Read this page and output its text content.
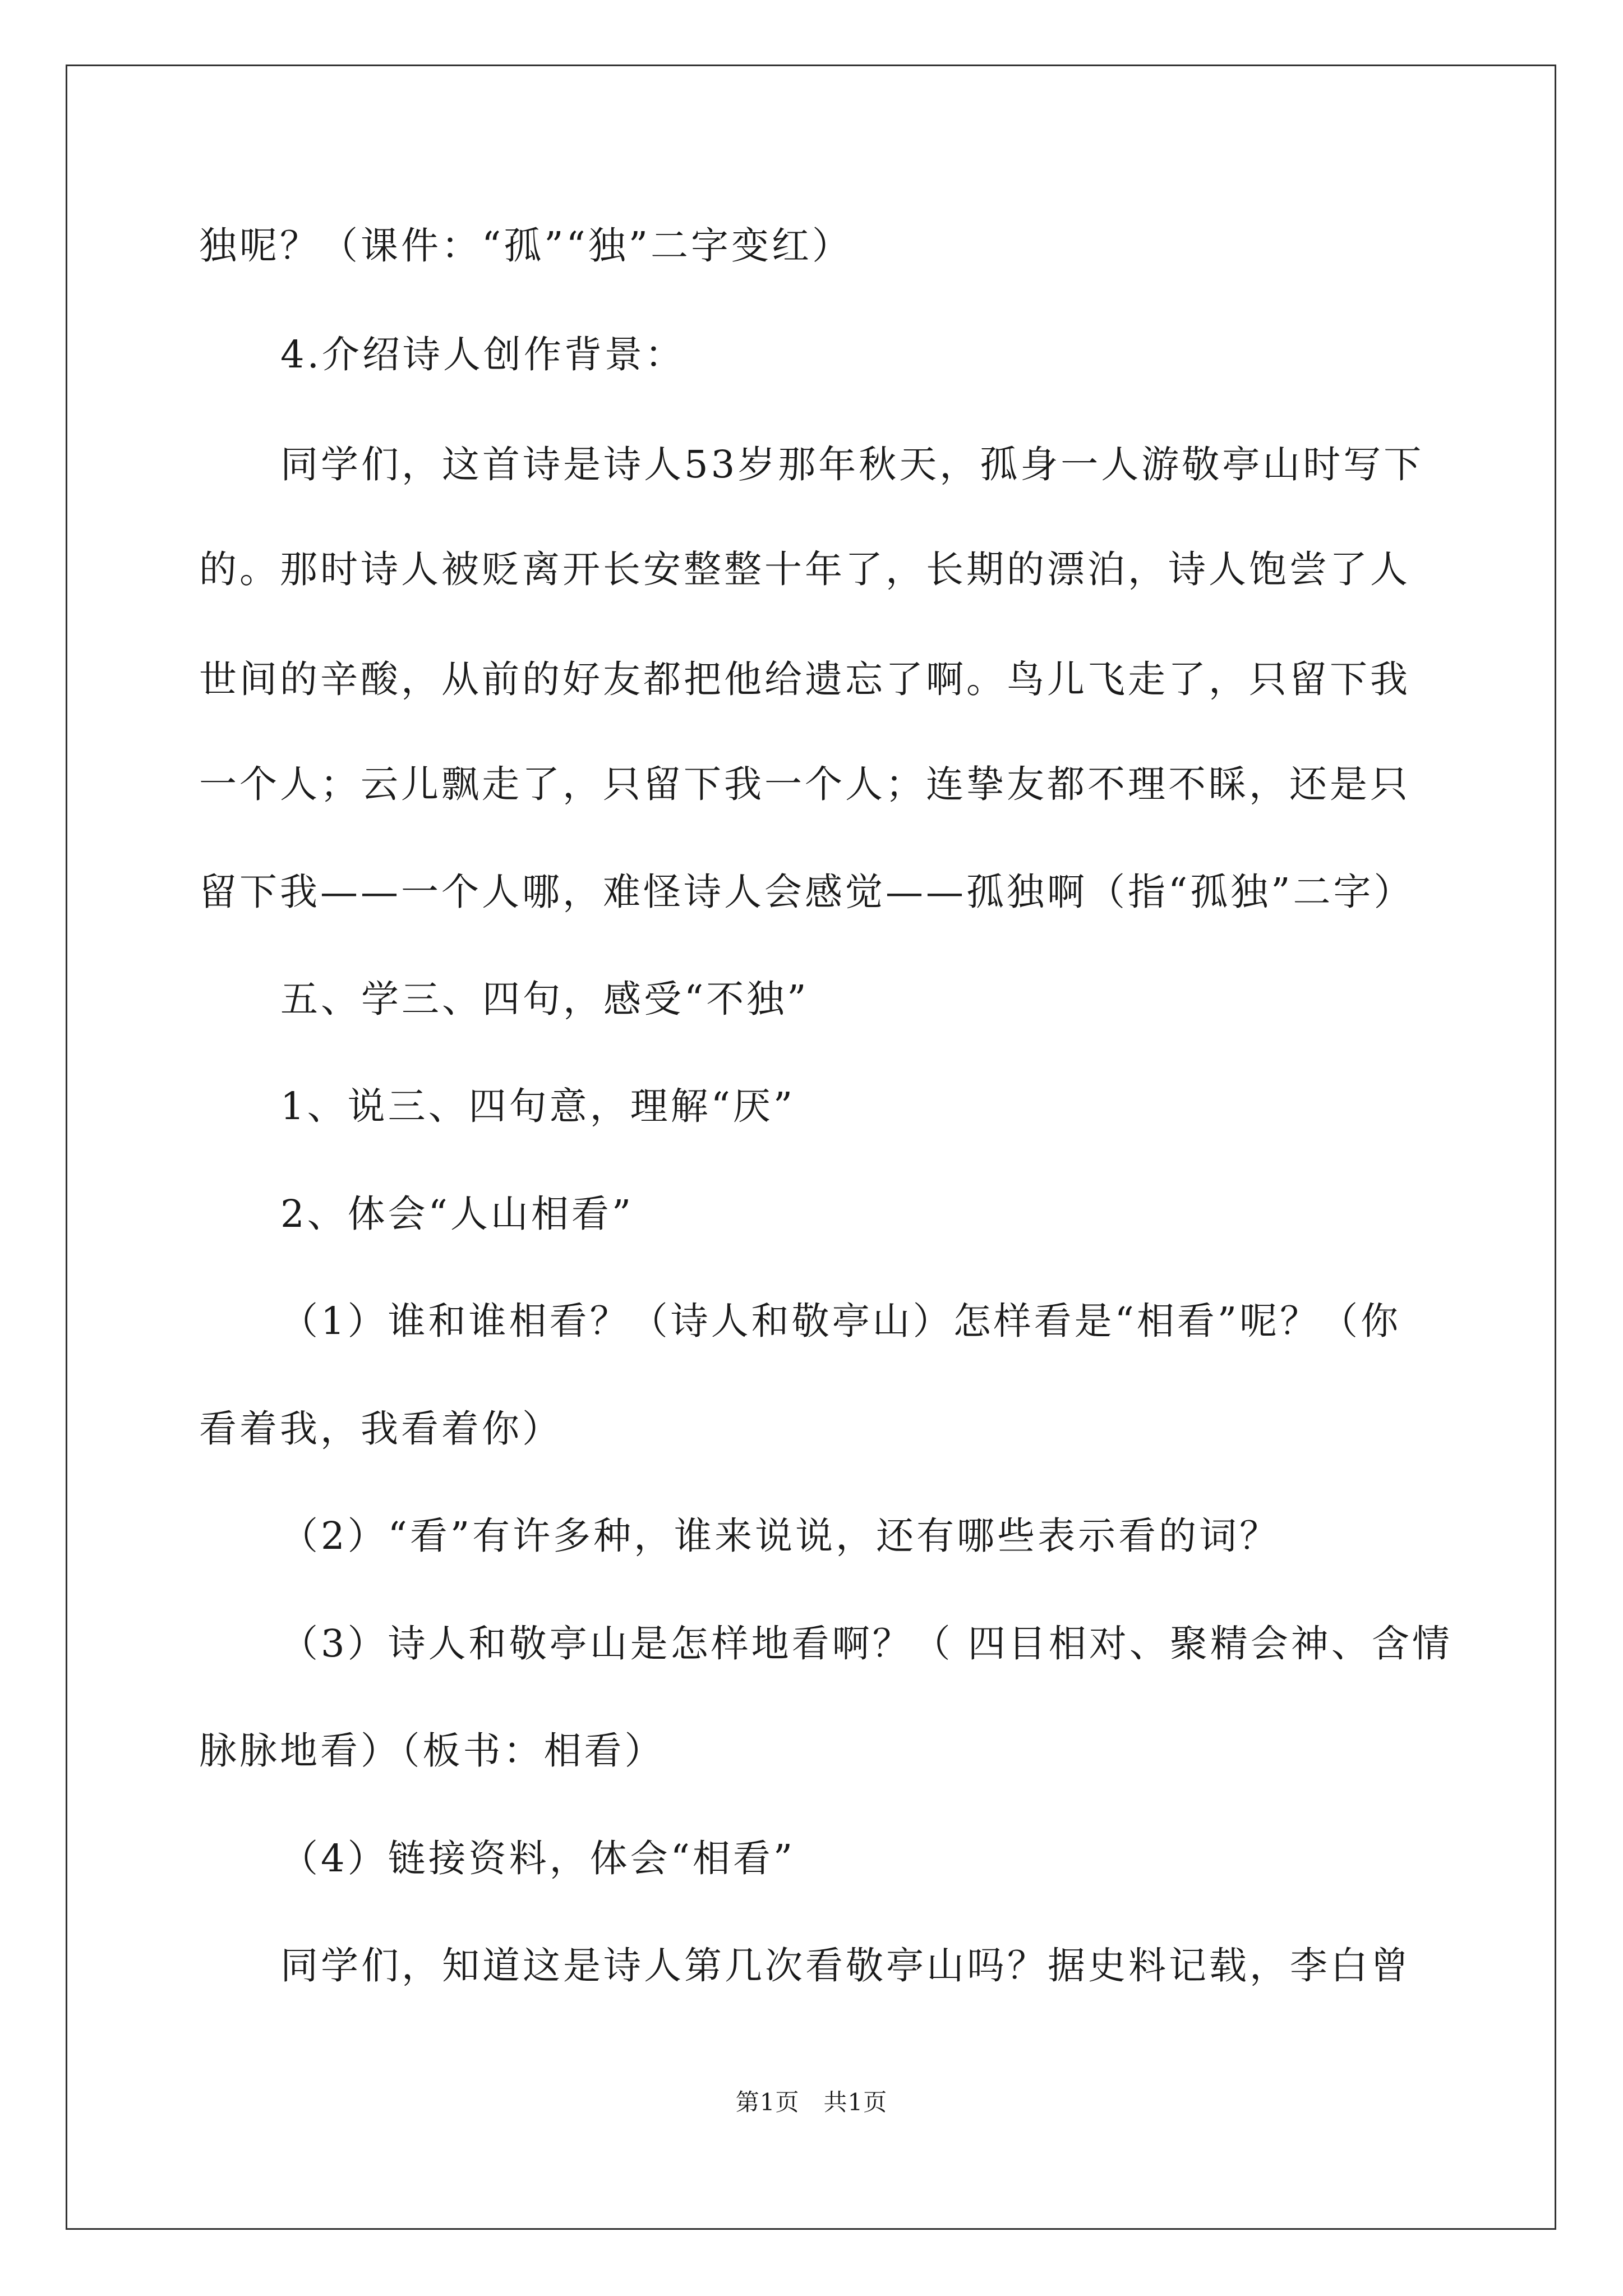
独呢？（课件：“孤”“独”二字变红）
4.介绍诗人创作背景：
同学们，这首诗是诗人53岁那年秋天，孤身一人游敬亭山时写下
的。那时诗人被贬离开长安整整十年了，长期的漂泊，诗人饱尝了人
世间的辛酸，从前的好友都把他给遗忘了啊。鸟儿飞走了，只留下我
一个人；云儿飘走了，只留下我一个人；连挚友都不理不睬，还是只
留下我——一个人哪，难怪诗人会感觉——孤独啊（指“孤独”二字）
五、学三、四句，感受“不独”
1、说三、四句意，理解“厌”
2、体会“人山相看”
（1）谁和谁相看？（诗人和敬亭山）怎样看是“相看”呢？（你
看着我，我看着你）
（2）“看”有许多种，谁来说说，还有哪些表示看的词？
（3）诗人和敬亭山是怎样地看啊？（ 四目相对、聚精会神、含情
脉脉地看）（板书：相看）
（4）链接资料，体会“相看”
同学们，知道这是诗人第几次看敬亭山吗？据史料记载，李白曾
第1页　共1页
